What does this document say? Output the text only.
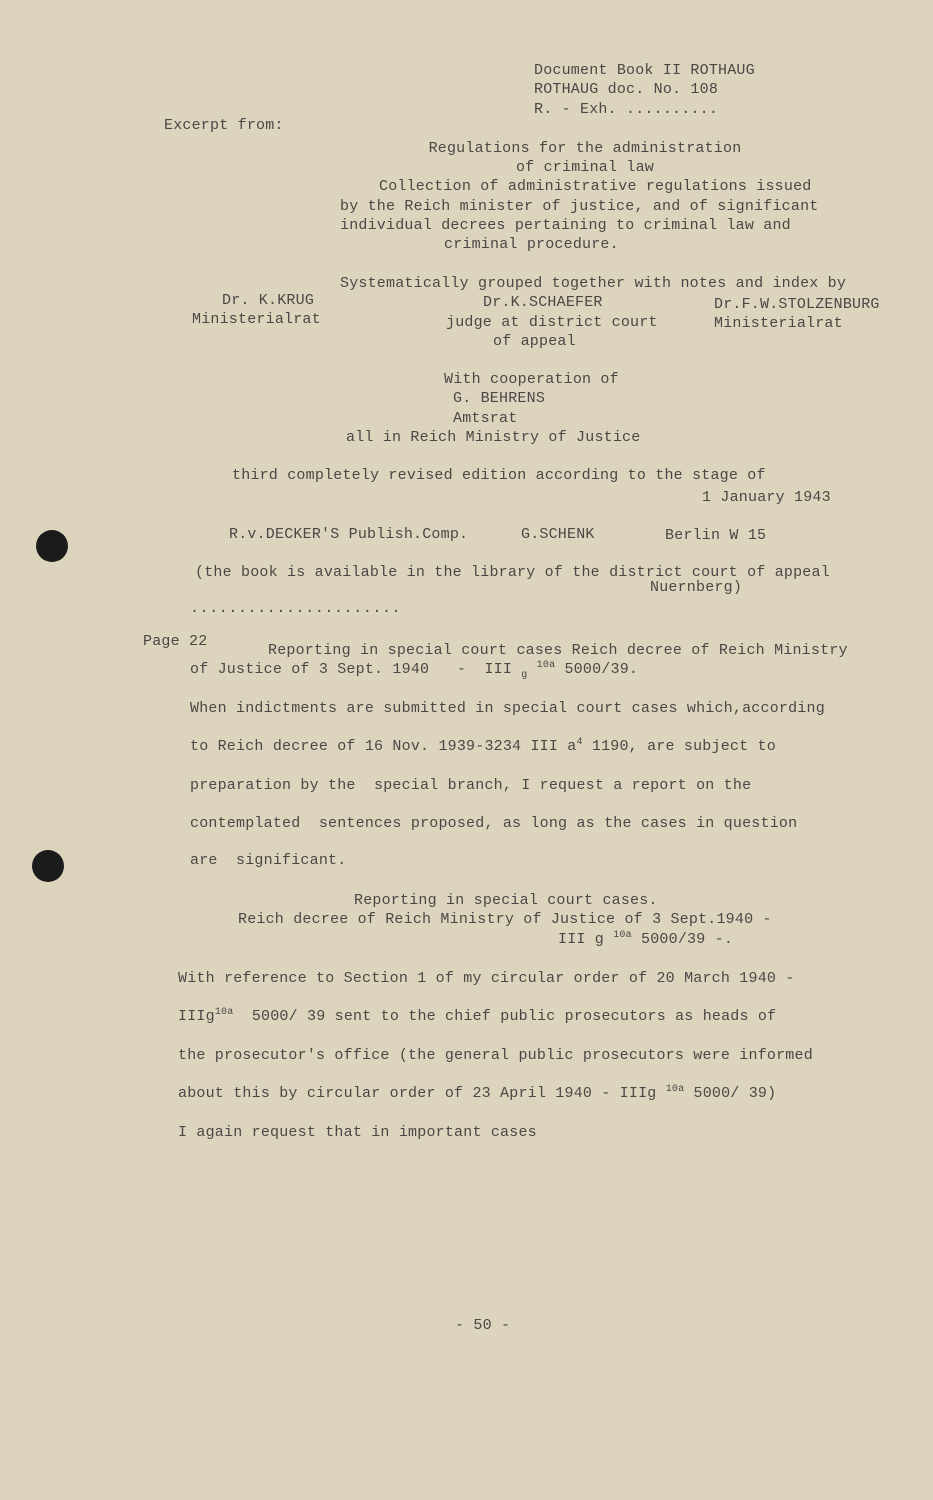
Document Book II ROTHAUG
ROTHAUG doc. No. 108
R. - Exh. ..........
Excerpt from:
Regulations for the administration
of criminal law
Collection of administrative regulations issued
by the Reich minister of justice, and of significant
individual decrees pertaining to criminal law and
criminal procedure.
Systematically grouped together with notes and index by
Dr. K.KRUG
Ministerialrat
Dr.K.SCHAEFER
judge at district court
of appeal
Dr.F.W.STOLZENBURG
Ministerialrat
With cooperation of
G. BEHRENS
Amtsrat
all in Reich Ministry of Justice
third completely revised edition according to the stage of
1 January 1943
R.v.DECKER'S Publish.Comp.	G.SCHENK	Berlin W 15
(the book is available in the library of the district court of appeal
Nuernberg)
......................
Page 22
Reporting in special court cases Reich decree of Reich Ministry
of Justice of 3 Sept. 1940   -  III $_g$ $^{10a}$ 5000/39.
When indictments are submitted in special court cases which,according
to Reich decree of 16 Nov. 1939-3234 III $a^4$ 1190, are subject to
preparation by the  special branch, I request a report on the
contemplated  sentences proposed, as long as the cases in question
are  significant.
Reporting in special court cases.
Reich decree of Reich Ministry of Justice of 3 Sept.1940 -
III g $^{10a}$ 5000/39 -.
With reference to Section 1 of my circular order of 20 March 1940 -
IIIg$^{10a}$  5000/ 39 sent to the chief public prosecutors as heads of
the prosecutor's office (the general public prosecutors were informed
about this by circular order of 23 April 1940 - IIIg $^{10a}$ 5000/ 39)
I again request that in important cases
- 50 -
